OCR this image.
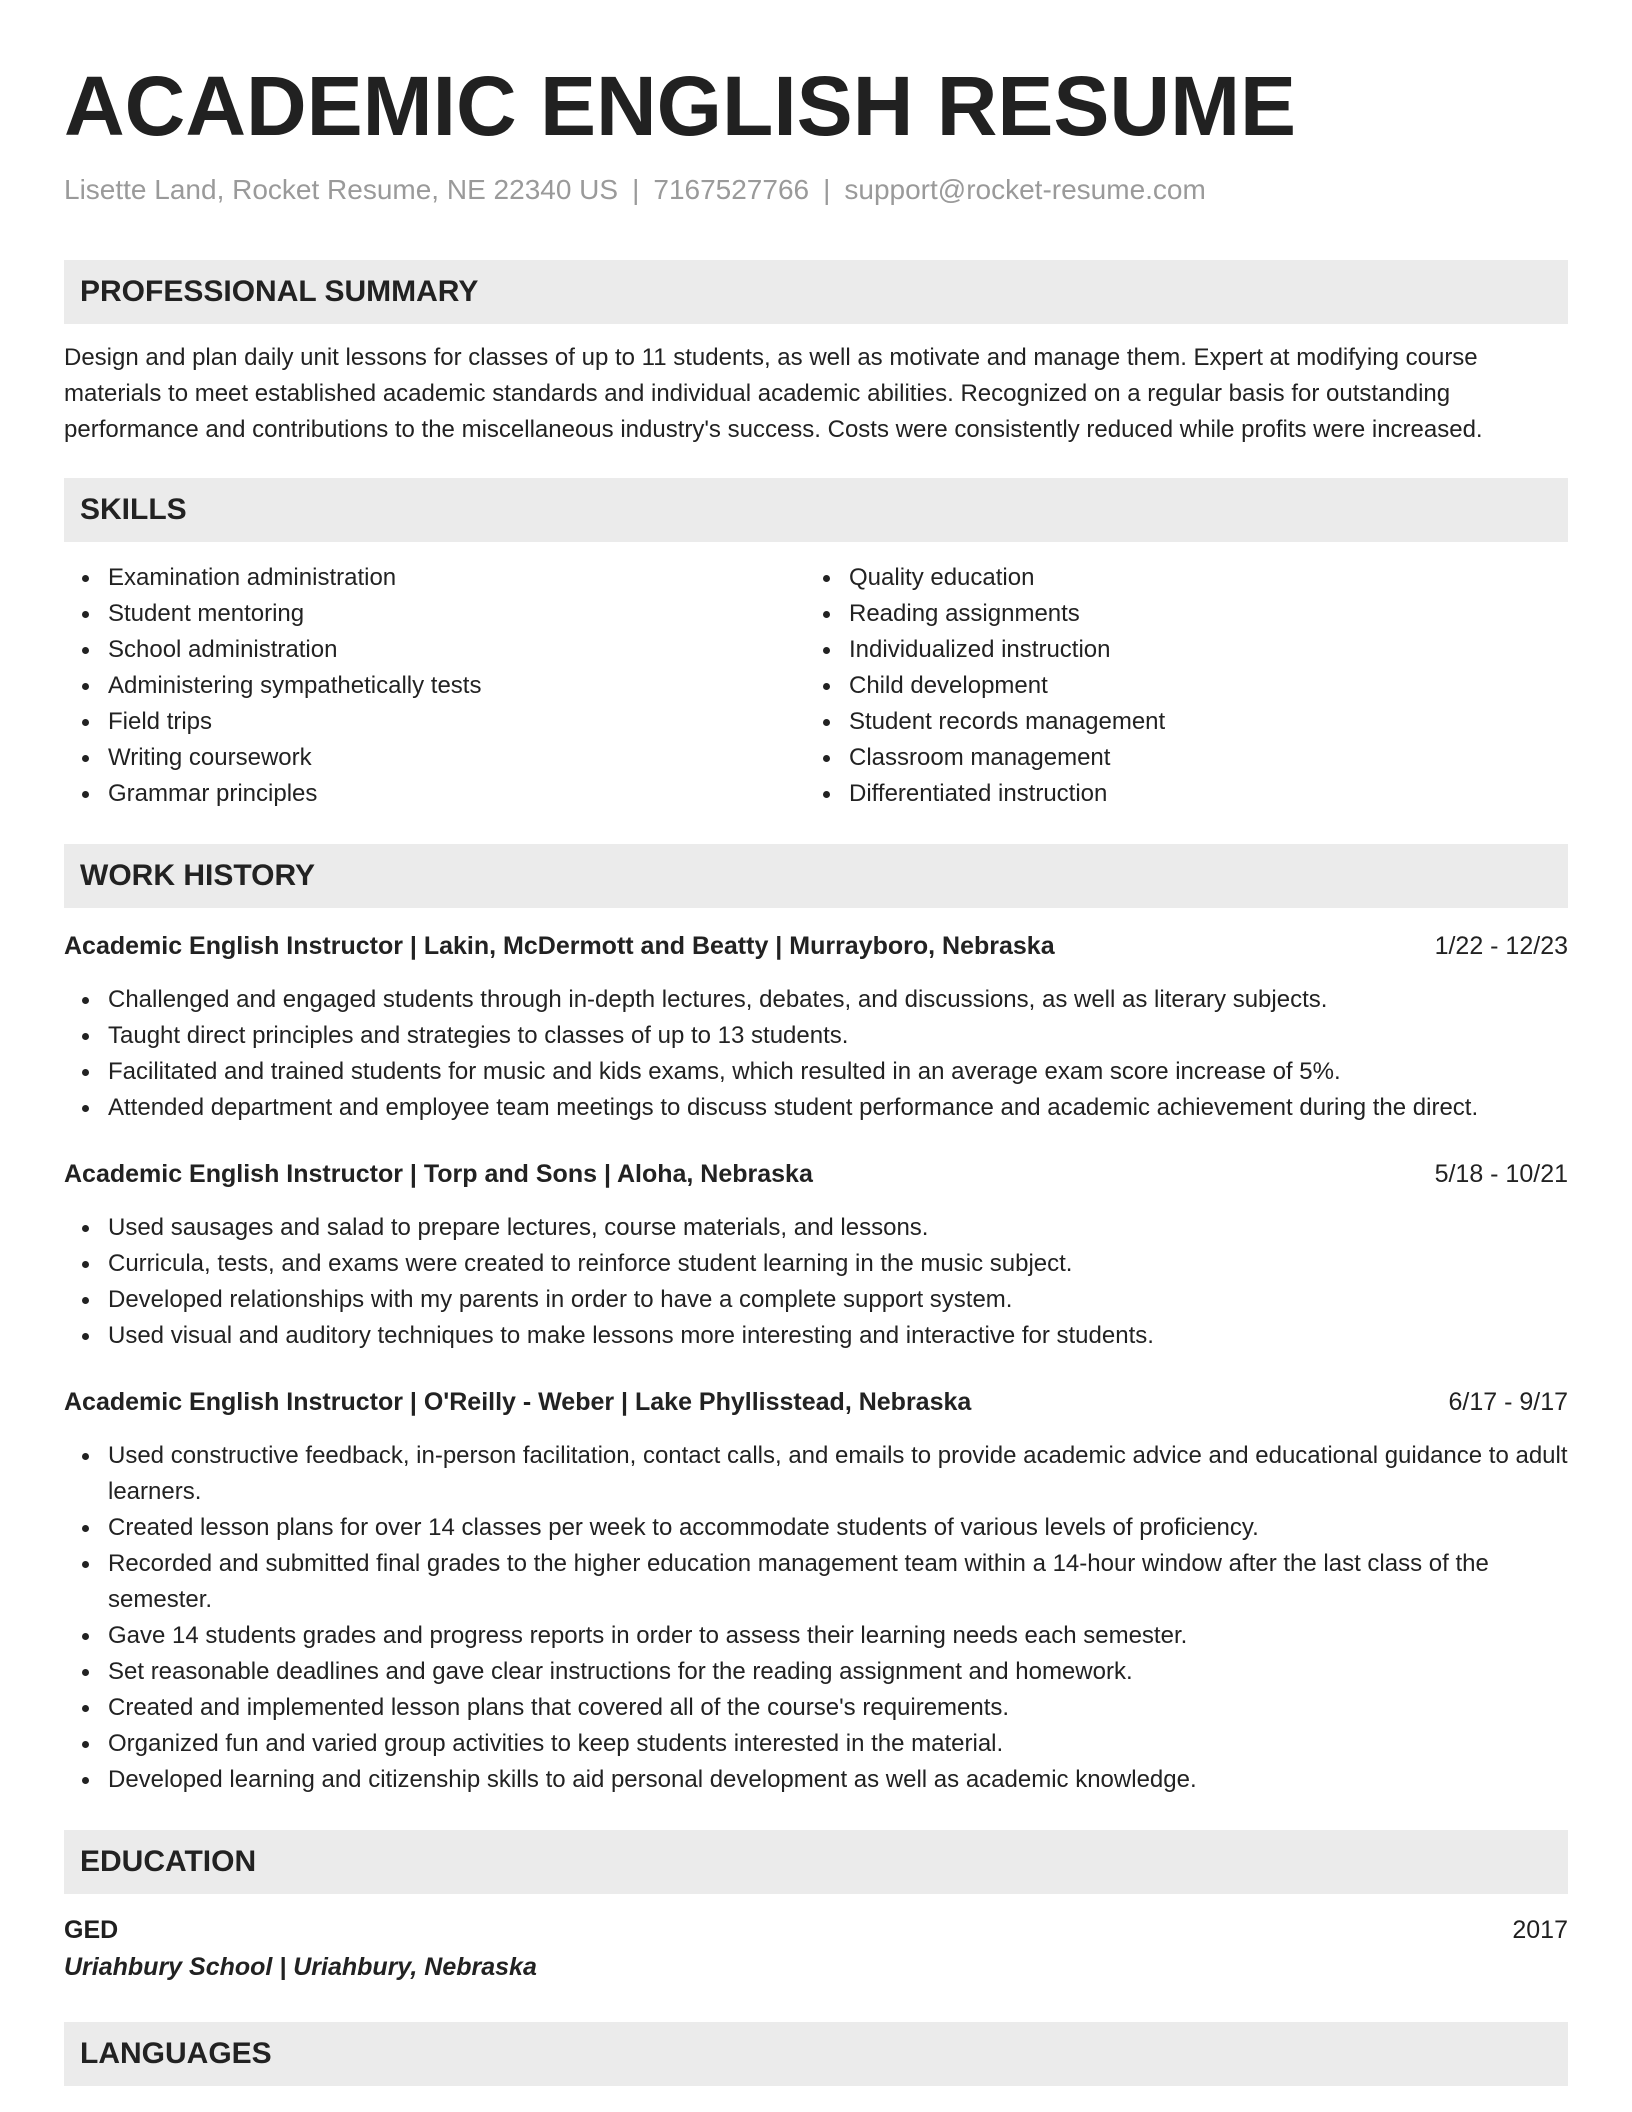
ACADEMIC ENGLISH RESUME
Lisette Land, Rocket Resume, NE 22340 US | 7167527766 | support@rocket-resume.com
PROFESSIONAL SUMMARY
Design and plan daily unit lessons for classes of up to 11 students, as well as motivate and manage them. Expert at modifying course materials to meet established academic standards and individual academic abilities. Recognized on a regular basis for outstanding performance and contributions to the miscellaneous industry's success. Costs were consistently reduced while profits were increased.
SKILLS
Examination administration
Student mentoring
School administration
Administering sympathetically tests
Field trips
Writing coursework
Grammar principles
Quality education
Reading assignments
Individualized instruction
Child development
Student records management
Classroom management
Differentiated instruction
WORK HISTORY
Academic English Instructor | Lakin, McDermott and Beatty | Murrayboro, Nebraska	1/22 - 12/23
Challenged and engaged students through in-depth lectures, debates, and discussions, as well as literary subjects.
Taught direct principles and strategies to classes of up to 13 students.
Facilitated and trained students for music and kids exams, which resulted in an average exam score increase of 5%.
Attended department and employee team meetings to discuss student performance and academic achievement during the direct.
Academic English Instructor | Torp and Sons | Aloha, Nebraska	5/18 - 10/21
Used sausages and salad to prepare lectures, course materials, and lessons.
Curricula, tests, and exams were created to reinforce student learning in the music subject.
Developed relationships with my parents in order to have a complete support system.
Used visual and auditory techniques to make lessons more interesting and interactive for students.
Academic English Instructor | O'Reilly - Weber | Lake Phyllisstead, Nebraska	6/17 - 9/17
Used constructive feedback, in-person facilitation, contact calls, and emails to provide academic advice and educational guidance to adult learners.
Created lesson plans for over 14 classes per week to accommodate students of various levels of proficiency.
Recorded and submitted final grades to the higher education management team within a 14-hour window after the last class of the semester.
Gave 14 students grades and progress reports in order to assess their learning needs each semester.
Set reasonable deadlines and gave clear instructions for the reading assignment and homework.
Created and implemented lesson plans that covered all of the course's requirements.
Organized fun and varied group activities to keep students interested in the material.
Developed learning and citizenship skills to aid personal development as well as academic knowledge.
EDUCATION
GED	2017
Uriahbury School | Uriahbury, Nebraska
LANGUAGES
